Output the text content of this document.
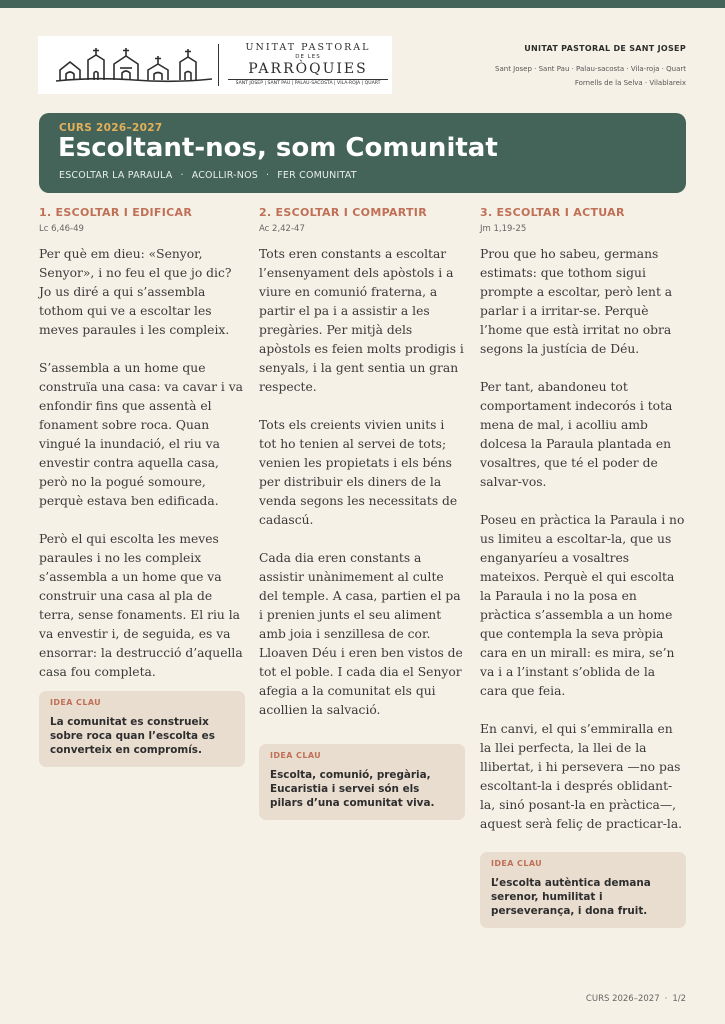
UNITAT PASTORAL
DE LES
PARRÒQUIES
SANT JOSEP | SANT PAU | PALAU-SACOSTA | VILA-ROJA | QUART
UNITAT PASTORAL DE SANT JOSEP
Sant Josep · Sant Pau · Palau-sacosta · Vila-roja · Quart
Fornells de la Selva · Vilablareix
CURS 2026–2027
Escoltant-nos, som Comunitat
ESCOLTAR LA PARAULA · ACOLLIR-NOS · FER COMUNITAT
1. ESCOLTAR I EDIFICAR
Lc 6,46-49

Per què em dieu: «Senyor, Senyor», i no feu el que jo dic? Jo us diré a qui s’assembla tothom qui ve a escoltar les meves paraules i les compleix.

S’assembla a un home que construïa una casa: va cavar i va enfondir fins que assentà el fonament sobre roca. Quan vingué la inundació, el riu va envestir contra aquella casa, però no la pogué somoure, perquè estava ben edificada.

Però el qui escolta les meves paraules i no les compleix s’assembla a un home que va construir una casa al pla de terra, sense fonaments. El riu la va envestir i, de seguida, es va ensorrar: la destrucció d’aquella casa fou completa.

IDEA CLAU
La comunitat es construeix sobre roca quan l’escolta es converteix en compromís.
2. ESCOLTAR I COMPARTIR
Ac 2,42-47

Tots eren constants a escoltar l’ensenyament dels apòstols i a viure en comunió fraterna, a partir el pa i a assistir a les pregàries. Per mitjà dels apòstols es feien molts prodigis i senyals, i la gent sentia un gran respecte.

Tots els creients vivien units i tot ho tenien al servei de tots; venien les propietats i els béns per distribuir els diners de la venda segons les necessitats de cadascú.

Cada dia eren constants a assistir unànimement al culte del temple. A casa, partien el pa i prenien junts el seu aliment amb joia i senzillesa de cor. Lloaven Déu i eren ben vistos de tot el poble. I cada dia el Senyor afegia a la comunitat els qui acollien la salvació.

IDEA CLAU
Escolta, comunió, pregària, Eucaristia i servei són els pilars d’una comunitat viva.
3. ESCOLTAR I ACTUAR
Jm 1,19-25

Prou que ho sabeu, germans estimats: que tothom sigui prompte a escoltar, però lent a parlar i a irritar-se. Perquè l’home que està irritat no obra segons la justícia de Déu.

Per tant, abandoneu tot comportament indecorós i tota mena de mal, i acolliu amb dolcesa la Paraula plantada en vosaltres, que té el poder de salvar-vos.

Poseu en pràctica la Paraula i no us limiteu a escoltar-la, que us enganyaríeu a vosaltres mateixos. Perquè el qui escolta la Paraula i no la posa en pràctica s’assembla a un home que contempla la seva pròpia cara en un mirall: es mira, se’n va i a l’instant s’oblida de la cara que feia.

En canvi, el qui s’emmiralla en la llei perfecta, la llei de la llibertat, i hi persevera —no pas escoltant-la i després oblidant-la, sinó posant-la en pràctica—, aquest serà feliç de practicar-la.

IDEA CLAU
L’escolta autèntica demana serenor, humilitat i perseverança, i dona fruit.
CURS 2026–2027 · 1/2
